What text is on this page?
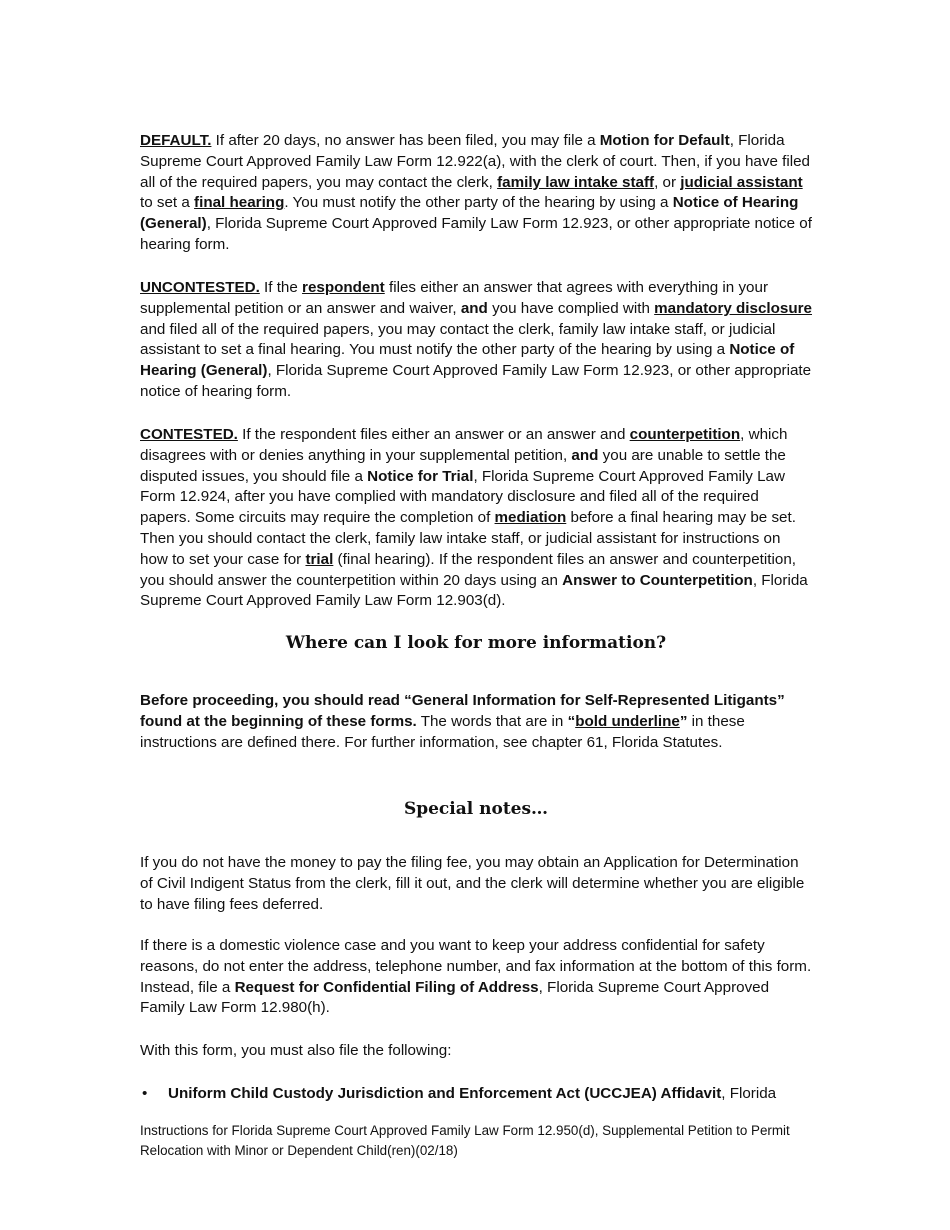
DEFAULT. If after 20 days, no answer has been filed, you may file a Motion for Default, Florida Supreme Court Approved Family Law Form 12.922(a), with the clerk of court. Then, if you have filed all of the required papers, you may contact the clerk, family law intake staff, or judicial assistant to set a final hearing. You must notify the other party of the hearing by using a Notice of Hearing (General), Florida Supreme Court Approved Family Law Form 12.923, or other appropriate notice of hearing form.

UNCONTESTED. If the respondent files either an answer that agrees with everything in your supplemental petition or an answer and waiver, and you have complied with mandatory disclosure and filed all of the required papers, you may contact the clerk, family law intake staff, or judicial assistant to set a final hearing. You must notify the other party of the hearing by using a Notice of Hearing (General), Florida Supreme Court Approved Family Law Form 12.923, or other appropriate notice of hearing form.

CONTESTED. If the respondent files either an answer or an answer and counterpetition, which disagrees with or denies anything in your supplemental petition, and you are unable to settle the disputed issues, you should file a Notice for Trial, Florida Supreme Court Approved Family Law Form 12.924, after you have complied with mandatory disclosure and filed all of the required papers. Some circuits may require the completion of mediation before a final hearing may be set. Then you should contact the clerk, family law intake staff, or judicial assistant for instructions on how to set your case for trial (final hearing). If the respondent files an answer and counterpetition, you should answer the counterpetition within 20 days using an Answer to Counterpetition, Florida Supreme Court Approved Family Law Form 12.903(d).

Where can I look for more information?

Before proceeding, you should read “General Information for Self-Represented Litigants” found at the beginning of these forms. The words that are in “bold underline” in these instructions are defined there. For further information, see chapter 61, Florida Statutes.

Special notes…

If you do not have the money to pay the filing fee, you may obtain an Application for Determination of Civil Indigent Status from the clerk, fill it out, and the clerk will determine whether you are eligible to have filing fees deferred.

If there is a domestic violence case and you want to keep your address confidential for safety reasons, do not enter the address, telephone number, and fax information at the bottom of this form. Instead, file a Request for Confidential Filing of Address, Florida Supreme Court Approved Family Law Form 12.980(h).

With this form, you must also file the following:

• Uniform Child Custody Jurisdiction and Enforcement Act (UCCJEA) Affidavit, Florida

Instructions for Florida Supreme Court Approved Family Law Form 12.950(d), Supplemental Petition to Permit Relocation with Minor or Dependent Child(ren)(02/18)
